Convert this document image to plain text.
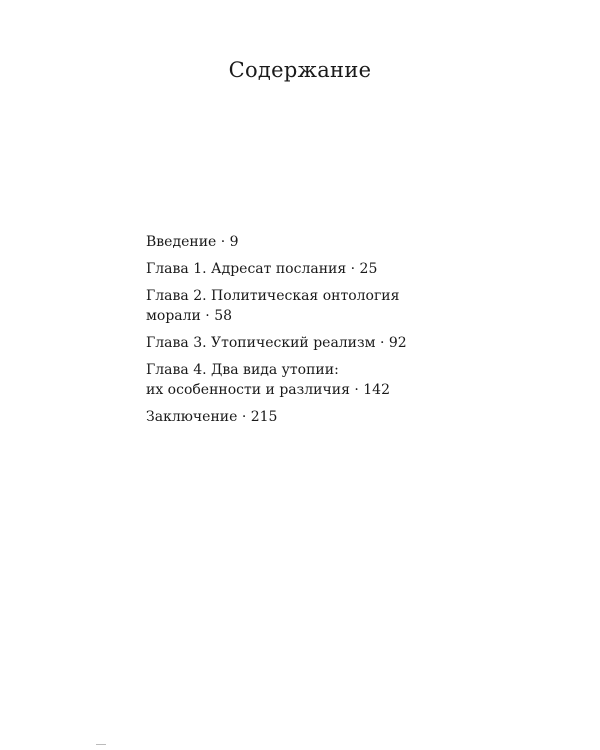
Содержание
Введение · 9
Глава 1. Адресат послания · 25
Глава 2. Политическая онтология
морали · 58
Глава 3. Утопический реализм · 92
Глава 4. Два вида утопии:
их особенности и различия · 142
Заключение · 215
